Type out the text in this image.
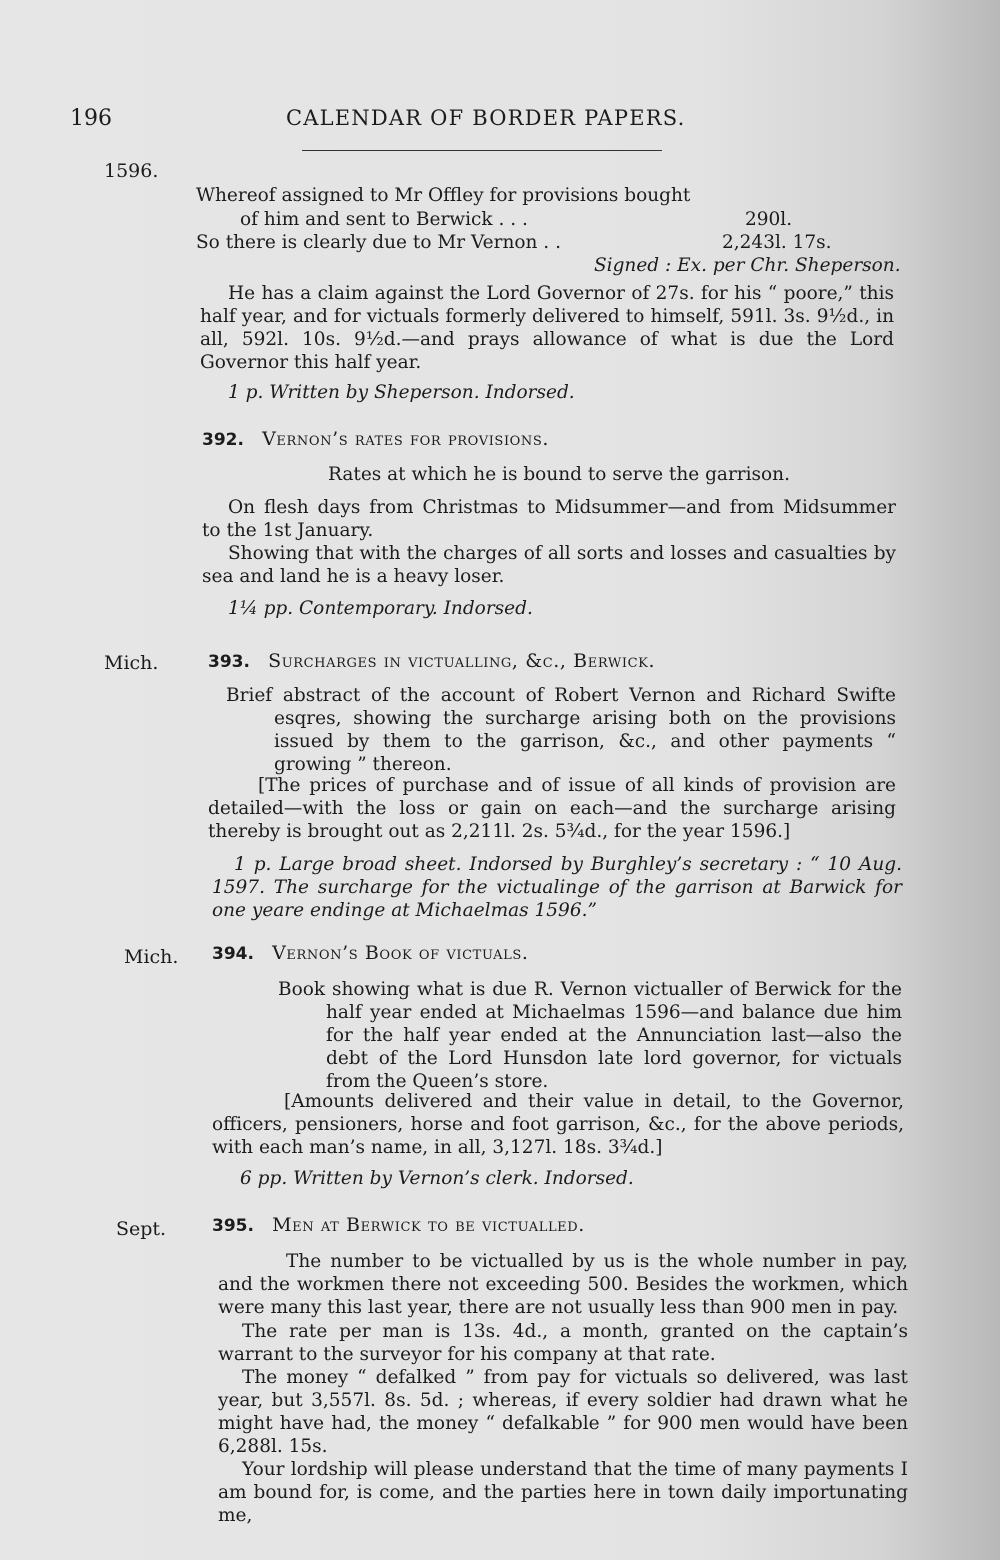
196	CALENDAR OF BORDER PAPERS.
1596.
Whereof assigned to Mr Offley for provisions bought
of him and sent to Berwick . . .	290l.
So there is clearly due to Mr Vernon . .	2,243l. 17s.
Signed : Ex. per Chr. Sheperson.

He has a claim against the Lord Governor of 27s. for his “ poore,” this half year, and for victuals formerly delivered to himself, 591l. 3s. 9½d., in all, 592l. 10s. 9½d.—and prays allowance of what is due the Lord Governor this half year.

1 p. Written by Sheperson. Indorsed.
392. Vernon’s rates for provisions.
Rates at which he is bound to serve the garrison.

On flesh days from Christmas to Midsummer—and from Midsummer to the 1st January.

Showing that with the charges of all sorts and losses and casualties by sea and land he is a heavy loser.

1¼ pp. Contemporary. Indorsed.
Mich.	393. Surcharges in victualling, &c., Berwick.

Brief abstract of the account of Robert Vernon and Richard Swifte esqres, showing the surcharge arising both on the provisions issued by them to the garrison, &c., and other payments “ growing ” thereon.

[The prices of purchase and of issue of all kinds of provision are detailed—with the loss or gain on each—and the surcharge arising thereby is brought out as 2,211l. 2s. 5¾d., for the year 1596.]

1 p. Large broad sheet. Indorsed by Burghley’s secretary : “ 10 Aug. 1597. The surcharge for the victualinge of the garrison at Barwick for one yeare endinge at Michaelmas 1596.”

Mich. 394. Vernon’s Book of victuals.

Book showing what is due R. Vernon victualler of Berwick for the half year ended at Michaelmas 1596—and balance due him for the half year ended at the Annunciation last—also the debt of the Lord Hunsdon late lord governor, for victuals from the Queen’s store.

[Amounts delivered and their value in detail, to the Governor, officers, pensioners, horse and foot garrison, &c., for the above periods, with each man’s name, in all, 3,127l. 18s. 3¾d.]

6 pp. Written by Vernon’s clerk. Indorsed.
Sept.	395. Men at Berwick to be victualled.

The number to be victualled by us is the whole number in pay, and the workmen there not exceeding 500. Besides the workmen, which were many this last year, there are not usually less than 900 men in pay.

The rate per man is 13s. 4d., a month, granted on the captain’s warrant to the surveyor for his company at that rate.

The money “ defalked ” from pay for victuals so delivered, was last year, but 3,557l. 8s. 5d. ; whereas, if every soldier had drawn what he might have had, the money “ defalkable ” for 900 men would have been 6,288l. 15s.

Your lordship will please understand that the time of many payments I am bound for, is come, and the parties here in town daily importunating me,
